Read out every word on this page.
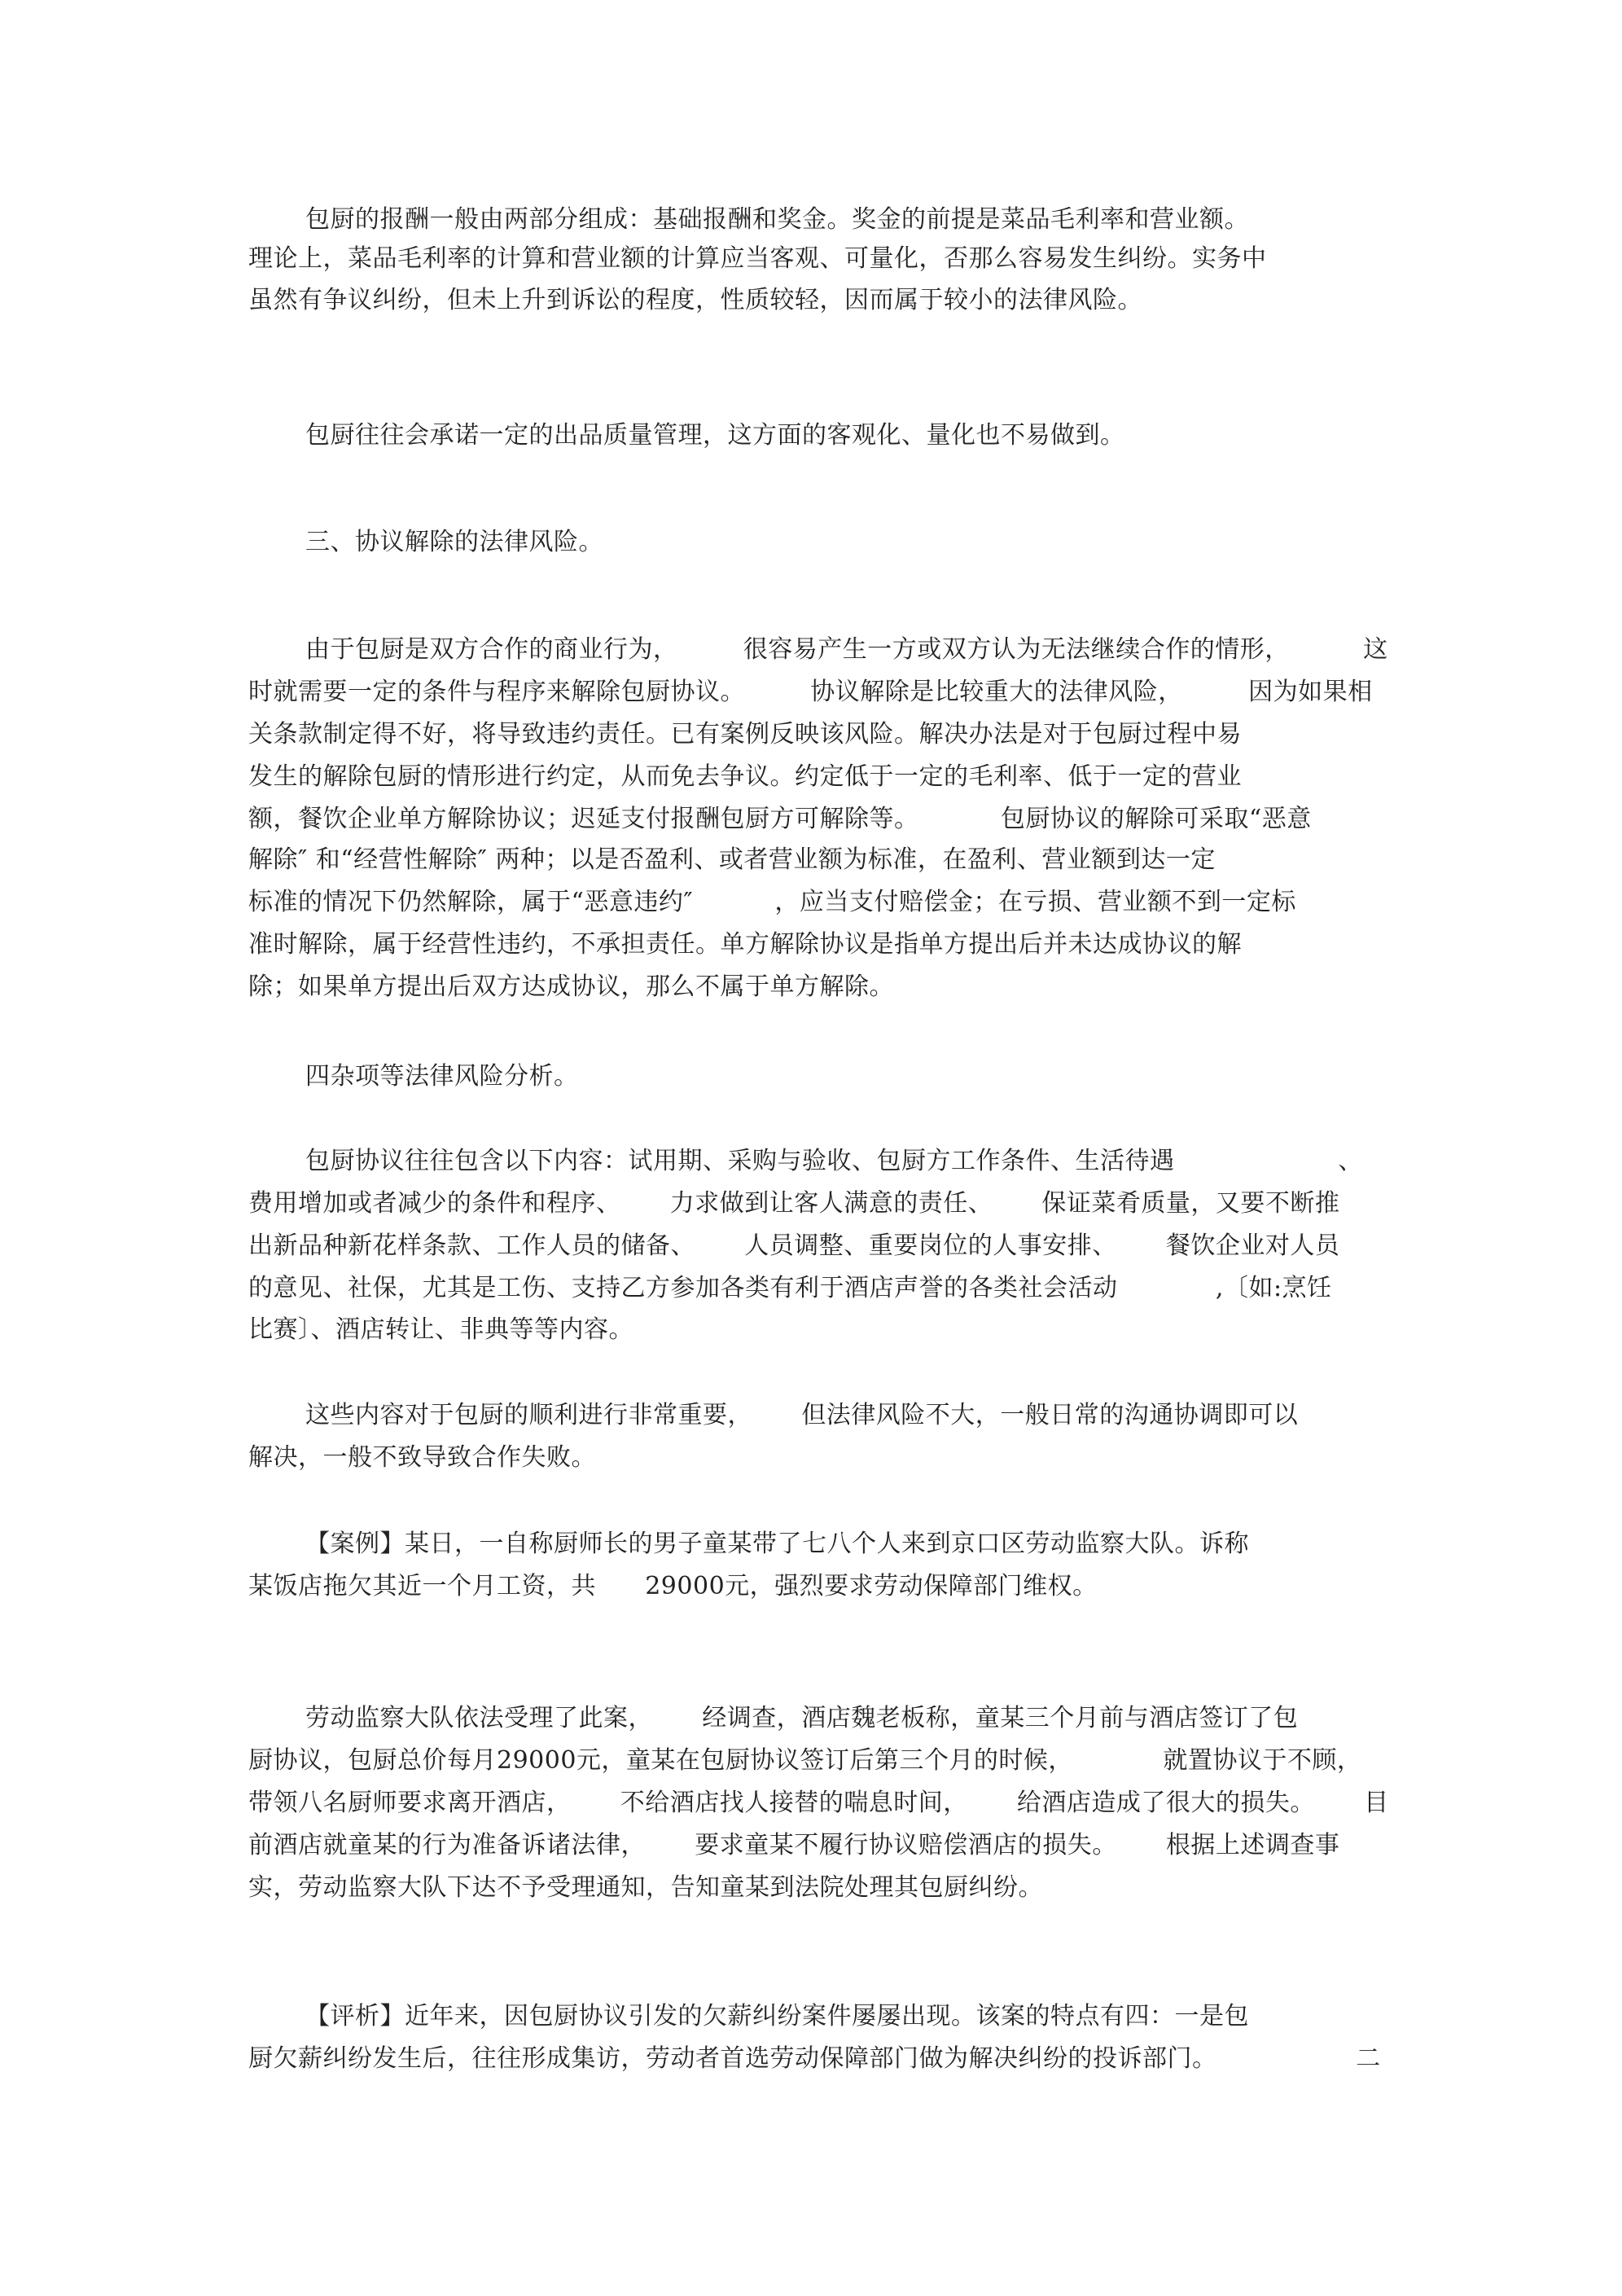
包厨的报酬一般由两部分组成：基础报酬和奖金。奖金的前提是菜品毛利率和营业额。
理论上，菜品毛利率的计算和营业额的计算应当客观、可量化，否那么容易发生纠纷。实务中
虽然有争议纠纷，但未上升到诉讼的程度，性质较轻，因而属于较小的法律风险。
包厨往往会承诺一定的出品质量管理，这方面的客观化、量化也不易做到。
三、协议解除的法律风险。
由于包厨是双方合作的商业行为，        很容易产生一方或双方认为无法继续合作的情形，         这
时就需要一定的条件与程序来解除包厨协议。        协议解除是比较重大的法律风险，        因为如果相
关条款制定得不好，将导致违约责任。已有案例反映该风险。解决办法是对于包厨过程中易
发生的解除包厨的情形进行约定，从而免去争议。约定低于一定的毛利率、低于一定的营业
额，餐饮企业单方解除协议；迟延支付报酬包厨方可解除等。          包厨协议的解除可采取“恶意
解除″ 和“经营性解除″ 两种；以是否盈利、或者营业额为标准，在盈利、营业额到达一定
标准的情况下仍然解除，属于“恶意违约″          ，应当支付赔偿金；在亏损、营业额不到一定标
准时解除，属于经营性违约，不承担责任。单方解除协议是指单方提出后并未达成协议的解
除；如果单方提出后双方达成协议，那么不属于单方解除。
四杂项等法律风险分析。
包厨协议往往包含以下内容：试用期、采购与验收、包厨方工作条件、生活待遇                    、
费用增加或者减少的条件和程序、      力求做到让客人满意的责任、      保证菜肴质量，又要不断推
出新品种新花样条款、工作人员的储备、      人员调整、重要岗位的人事安排、      餐饮企业对人员
的意见、社保，尤其是工伤、支持乙方参加各类有利于酒店声誉的各类社会活动            ,〔如:烹饪
比赛〕、酒店转让、非典等等内容。
这些内容对于包厨的顺利进行非常重要，      但法律风险不大，一般日常的沟通协调即可以
解决，一般不致导致合作失败。
【案例】某日，一自称厨师长的男子童某带了七八个人来到京口区劳动监察大队。诉称
某饭店拖欠其近一个月工资，共      29000元，强烈要求劳动保障部门维权。
劳动监察大队依法受理了此案，      经调查，酒店魏老板称，童某三个月前与酒店签订了包
厨协议，包厨总价每月29000元，童某在包厨协议签订后第三个月的时候，           就置协议于不顾，
带领八名厨师要求离开酒店，      不给酒店找人接替的喘息时间，      给酒店造成了很大的损失。      目
前酒店就童某的行为准备诉诸法律，      要求童某不履行协议赔偿酒店的损失。      根据上述调查事
实，劳动监察大队下达不予受理通知，告知童某到法院处理其包厨纠纷。
【评析】近年来，因包厨协议引发的欠薪纠纷案件屡屡出现。该案的特点有四：一是包
厨欠薪纠纷发生后，往往形成集访，劳动者首选劳动保障部门做为解决纠纷的投诉部门。                 二
